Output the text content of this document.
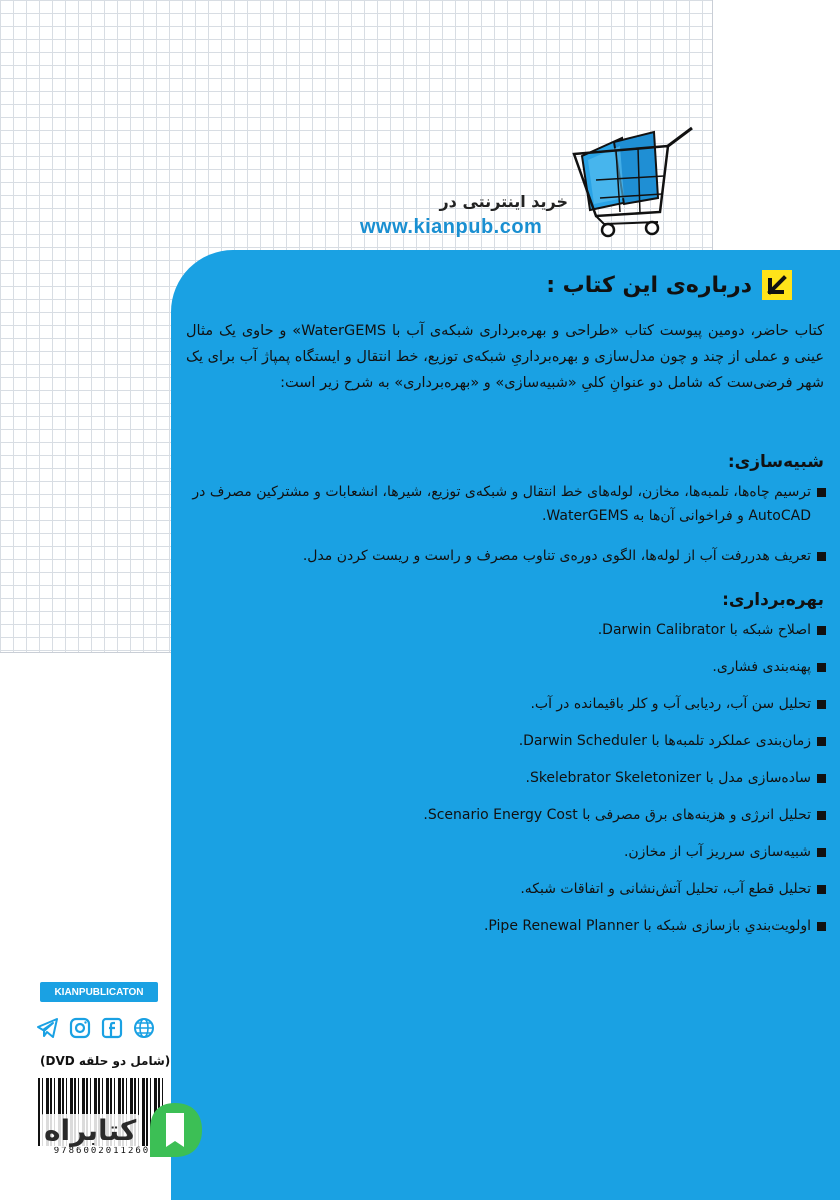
خرید اینترنتی در
www.kianpub.com
درباره‌ی این کتاب :
کتاب حاضر، دومین پیوست کتاب «طراحی و بهره‌برداری شبکه‌ی آب با WaterGEMS» و حاوی یک مثال عینی و عملی از چند و چون مدل‌سازی و بهره‌برداریِ شبکه‌ی توزیع، خط انتقال و ایستگاه پمپاژ آب برای یک شهر فرضی‌ست که شامل دو عنوانِ کلیِ «شبیه‌سازی» و «بهره‌برداری» به شرح زیر است:
شبیه‌سازی:
ترسیم چاه‌ها، تلمبه‌ها، مخازن، لوله‌های خط انتقال و شبکه‌ی توزیع، شیرها، انشعابات و مشترکین مصرف در AutoCAD و فراخوانی آن‌ها به WaterGEMS.
تعریف هدررفت آب از لوله‌ها، الگوی دوره‌ی تناوب مصرف و راست و ریست کردن مدل.
بهره‌برداری:
اصلاح شبکه با Darwin Calibrator.
پهنه‌بندی فشاری.
تحلیل سن آب، ردیابی آب و کلر باقیمانده در آب.
زمان‌بندی عملکرد تلمبه‌ها با Darwin Scheduler.
ساده‌سازی مدل با Skelebrator Skeletonizer.
تحلیل انرژی و هزینه‌های برق مصرفی با Scenario Energy Cost.
شبیه‌سازی سرریز آب از مخازن.
تحلیل قطع آب، تحلیل آتش‌نشانی و اتفاقات شبکه.
اولویت‌بندیِ بازسازی شبکه با Pipe Renewal Planner.
KIANPUBLICATON
(شامل دو حلقه DVD)
9786002011260
کتابراه
